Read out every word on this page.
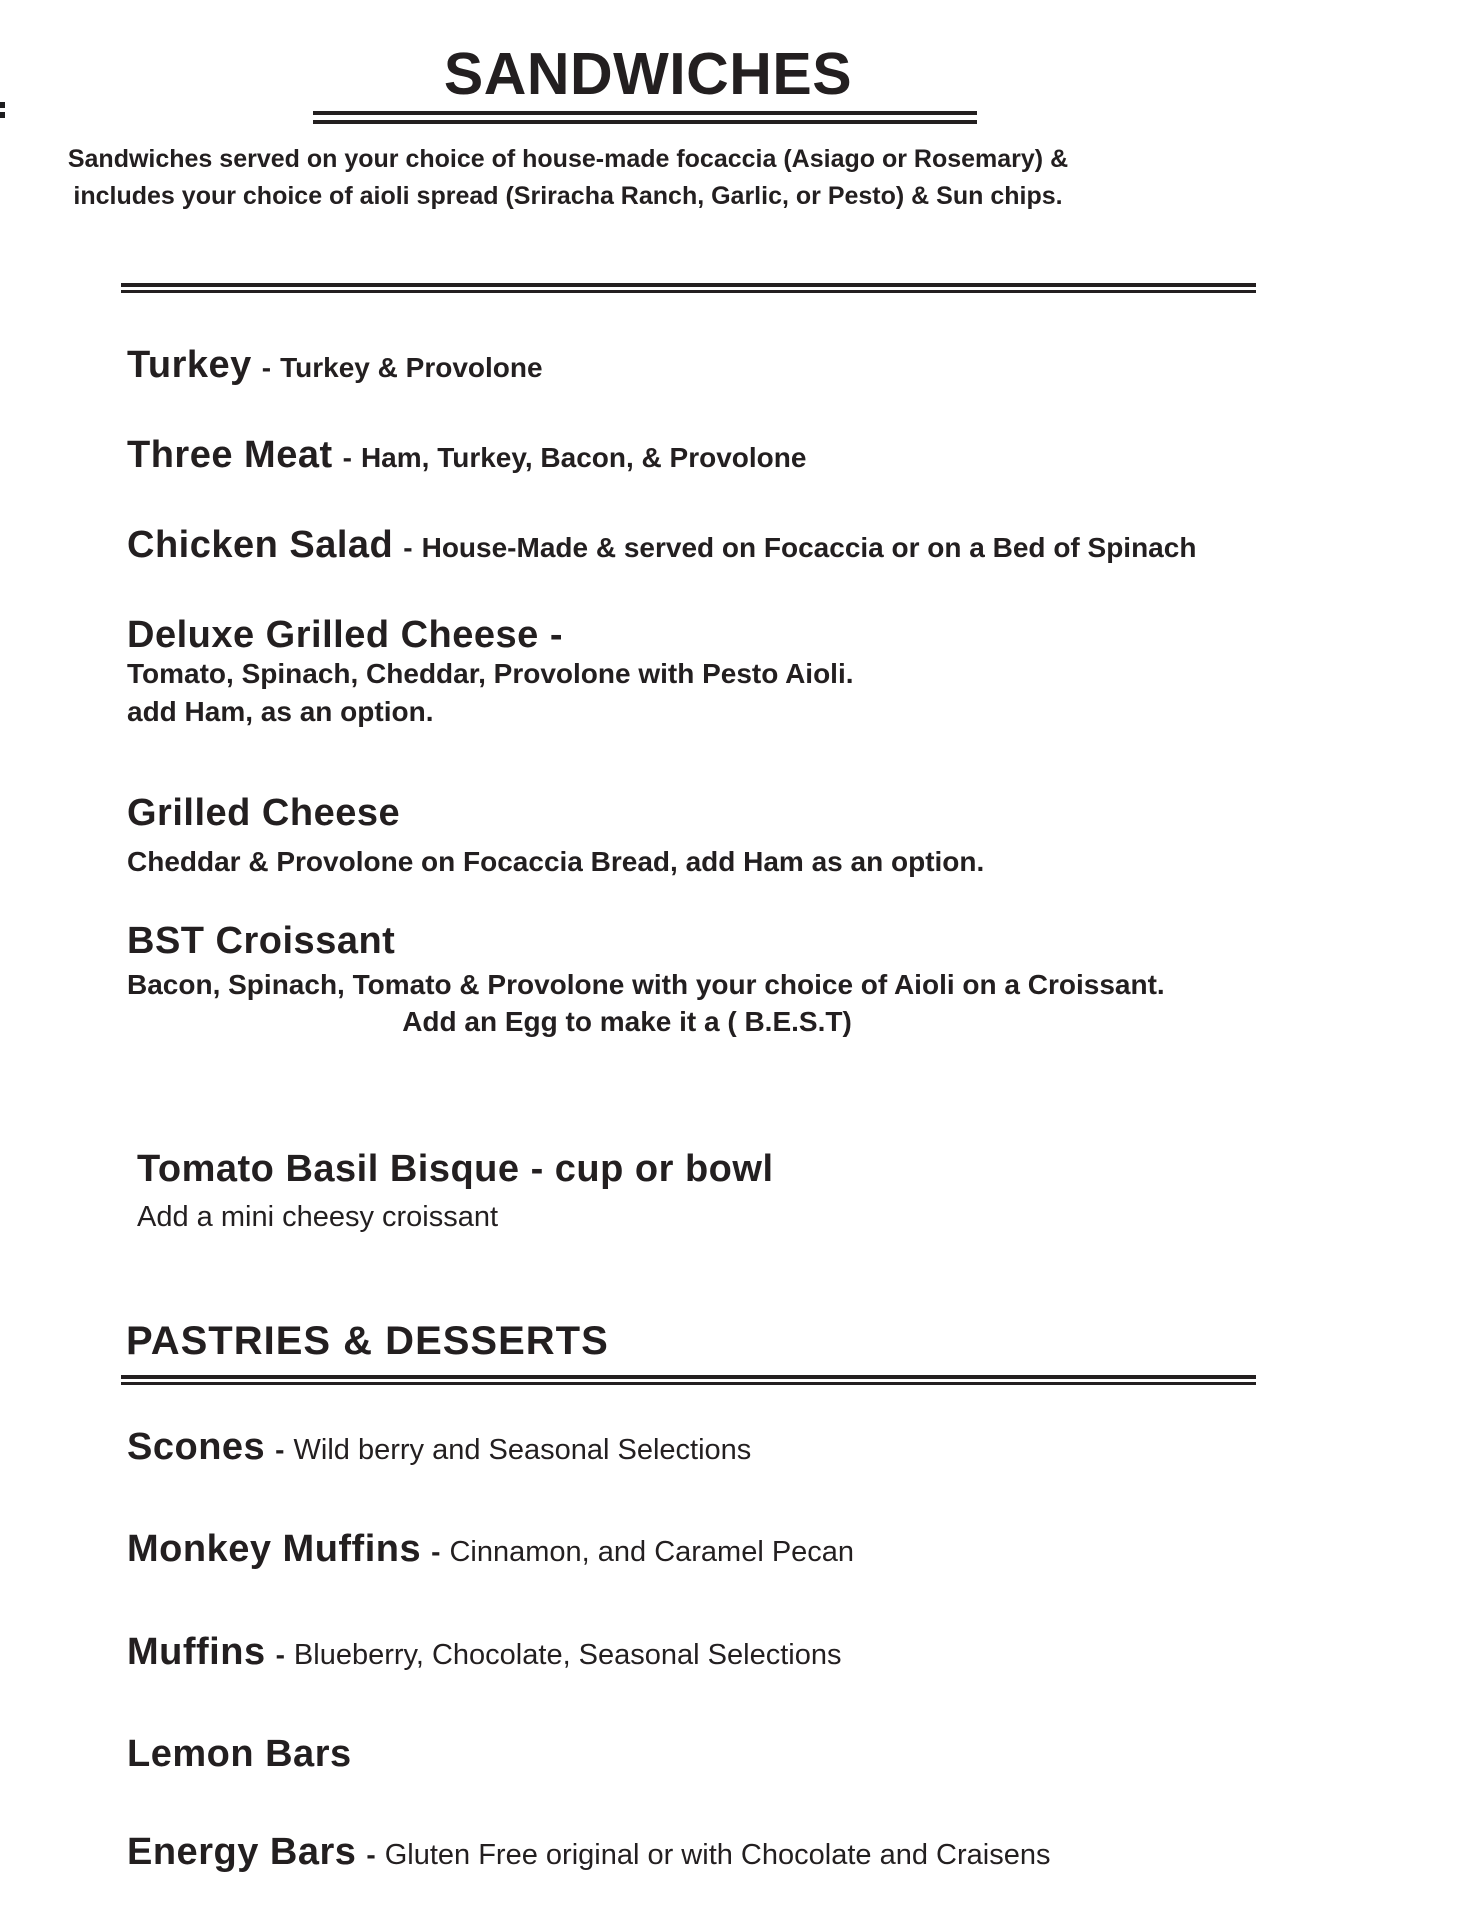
SANDWICHES
Sandwiches served on your choice of house-made focaccia (Asiago or Rosemary) &
includes your choice of aioli spread (Sriracha Ranch, Garlic, or Pesto) & Sun chips.
Turkey - Turkey & Provolone
Three Meat - Ham, Turkey, Bacon, & Provolone
Chicken Salad - House-Made & served on Focaccia or on a Bed of Spinach
Deluxe Grilled Cheese -
Tomato, Spinach, Cheddar, Provolone with Pesto Aioli.
add Ham, as an option.
Grilled Cheese
Cheddar & Provolone on Focaccia Bread, add Ham as an option.
BST Croissant
Bacon, Spinach, Tomato & Provolone with your choice of Aioli on a Croissant.
Add an Egg to make it a ( B.E.S.T)
Tomato Basil Bisque - cup or bowl
Add a mini cheesy croissant
PASTRIES & DESSERTS
Scones - Wild berry and Seasonal Selections
Monkey Muffins - Cinnamon, and Caramel Pecan
Muffins - Blueberry, Chocolate, Seasonal Selections
Lemon Bars
Energy Bars - Gluten Free original or with Chocolate and Craisens
